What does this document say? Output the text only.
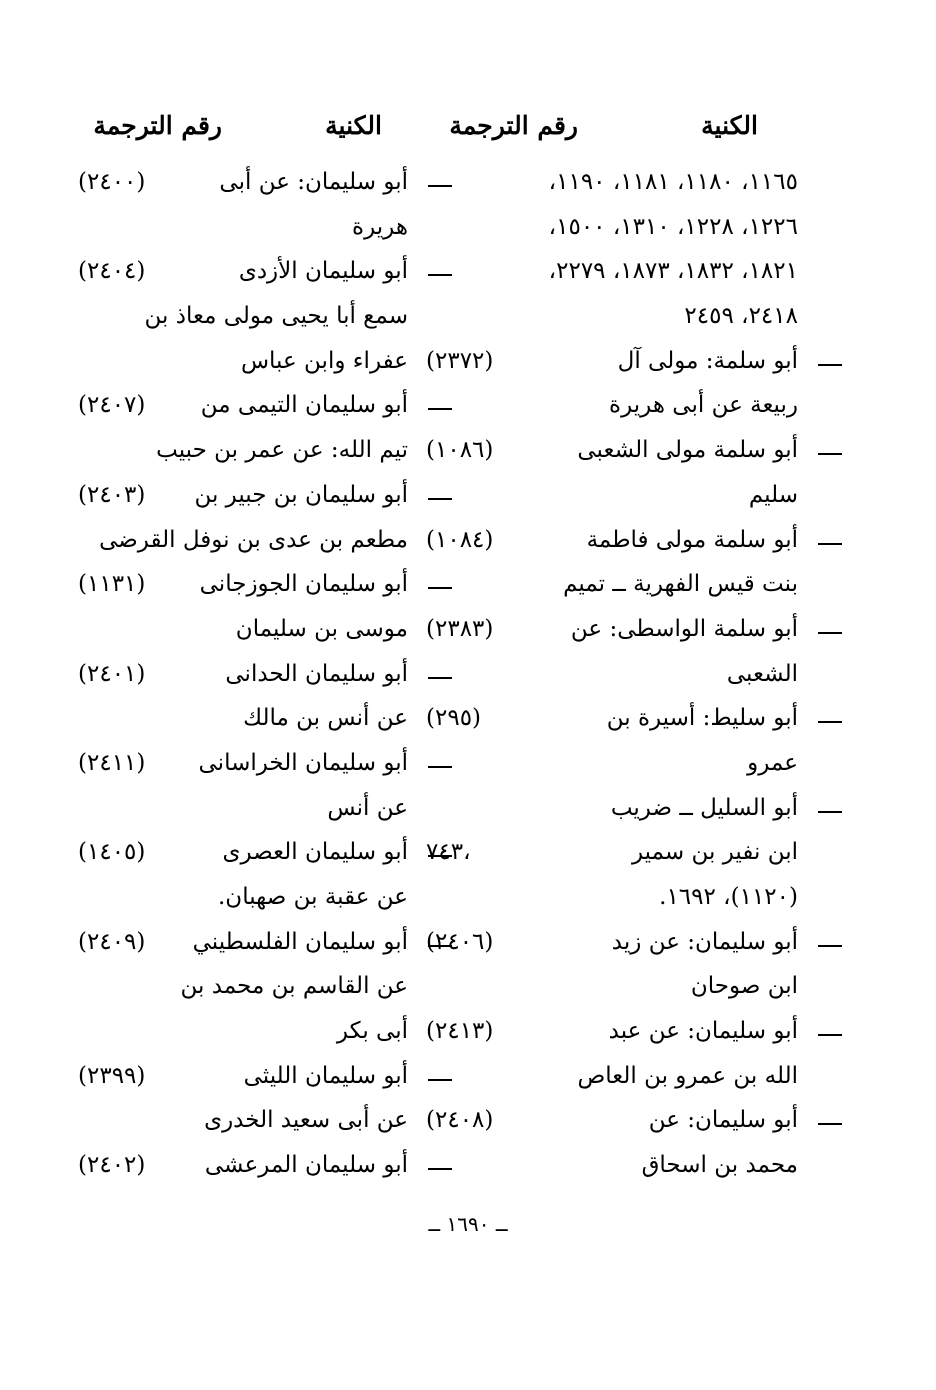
الكنية
رقم الترجمة
الكنية
رقم الترجمة
١١٦٥، ١١٨٠، ١١٨١، ١١٩٠،
١٢٢٦، ١٢٢٨، ١٣١٠، ١٥٠٠،
١٨٢١، ١٨٣٢، ١٨٧٣، ٢٢٧٩،
٢٤١٨، ٢٤٥٩
أبو سلمة: مولى آل
(٢٣٧٢)
ربيعة عن أبى هريرة
أبو سلمة مولى الشعبى
(١٠٨٦)
سليم
أبو سلمة مولى فاطمة
(١٠٨٤)
بنت قيس الفهرية ــ تميم
أبو سلمة الواسطى: عن
(٢٣٨٣)
الشعبى
أبو سليط: أسيرة بن
(٢٩٥)
عمرو
أبو السليل ــ ضريب
ابن نفير بن سمير
٧٤٣،
(١١٢٠)، ١٦٩٢.
أبو سليمان: عن زيد
(٢٤٠٦)
ابن صوحان
أبو سليمان: عن عبد
(٢٤١٣)
الله بن عمرو بن العاص
أبو سليمان: عن
(٢٤٠٨)
محمد بن اسحاق
أبو سليمان: عن أبى
(٢٤٠٠)
هريرة
أبو سليمان الأزدى
(٢٤٠٤)
سمع أبا يحيى مولى معاذ بن
عفراء وابن عباس
أبو سليمان التيمى من
(٢٤٠٧)
تيم الله: عن عمر بن حبيب
أبو سليمان بن جبير بن
(٢٤٠٣)
مطعم بن عدى بن نوفل القرضى
أبو سليمان الجوزجانى
(١١٣١)
موسى بن سليمان
أبو سليمان الحدانى
(٢٤٠١)
عن أنس بن مالك
أبو سليمان الخراسانى
(٢٤١١)
عن أنس
أبو سليمان العصرى
(١٤٠٥)
عن عقبة بن صهبان.
أبو سليمان الفلسطيني
(٢٤٠٩)
عن القاسم بن محمد بن
أبى بكر
أبو سليمان الليثى
(٢٣٩٩)
عن أبى سعيد الخدرى
أبو سليمان المرعشى
(٢٤٠٢)
ــ ١٦٩٠ ــ
